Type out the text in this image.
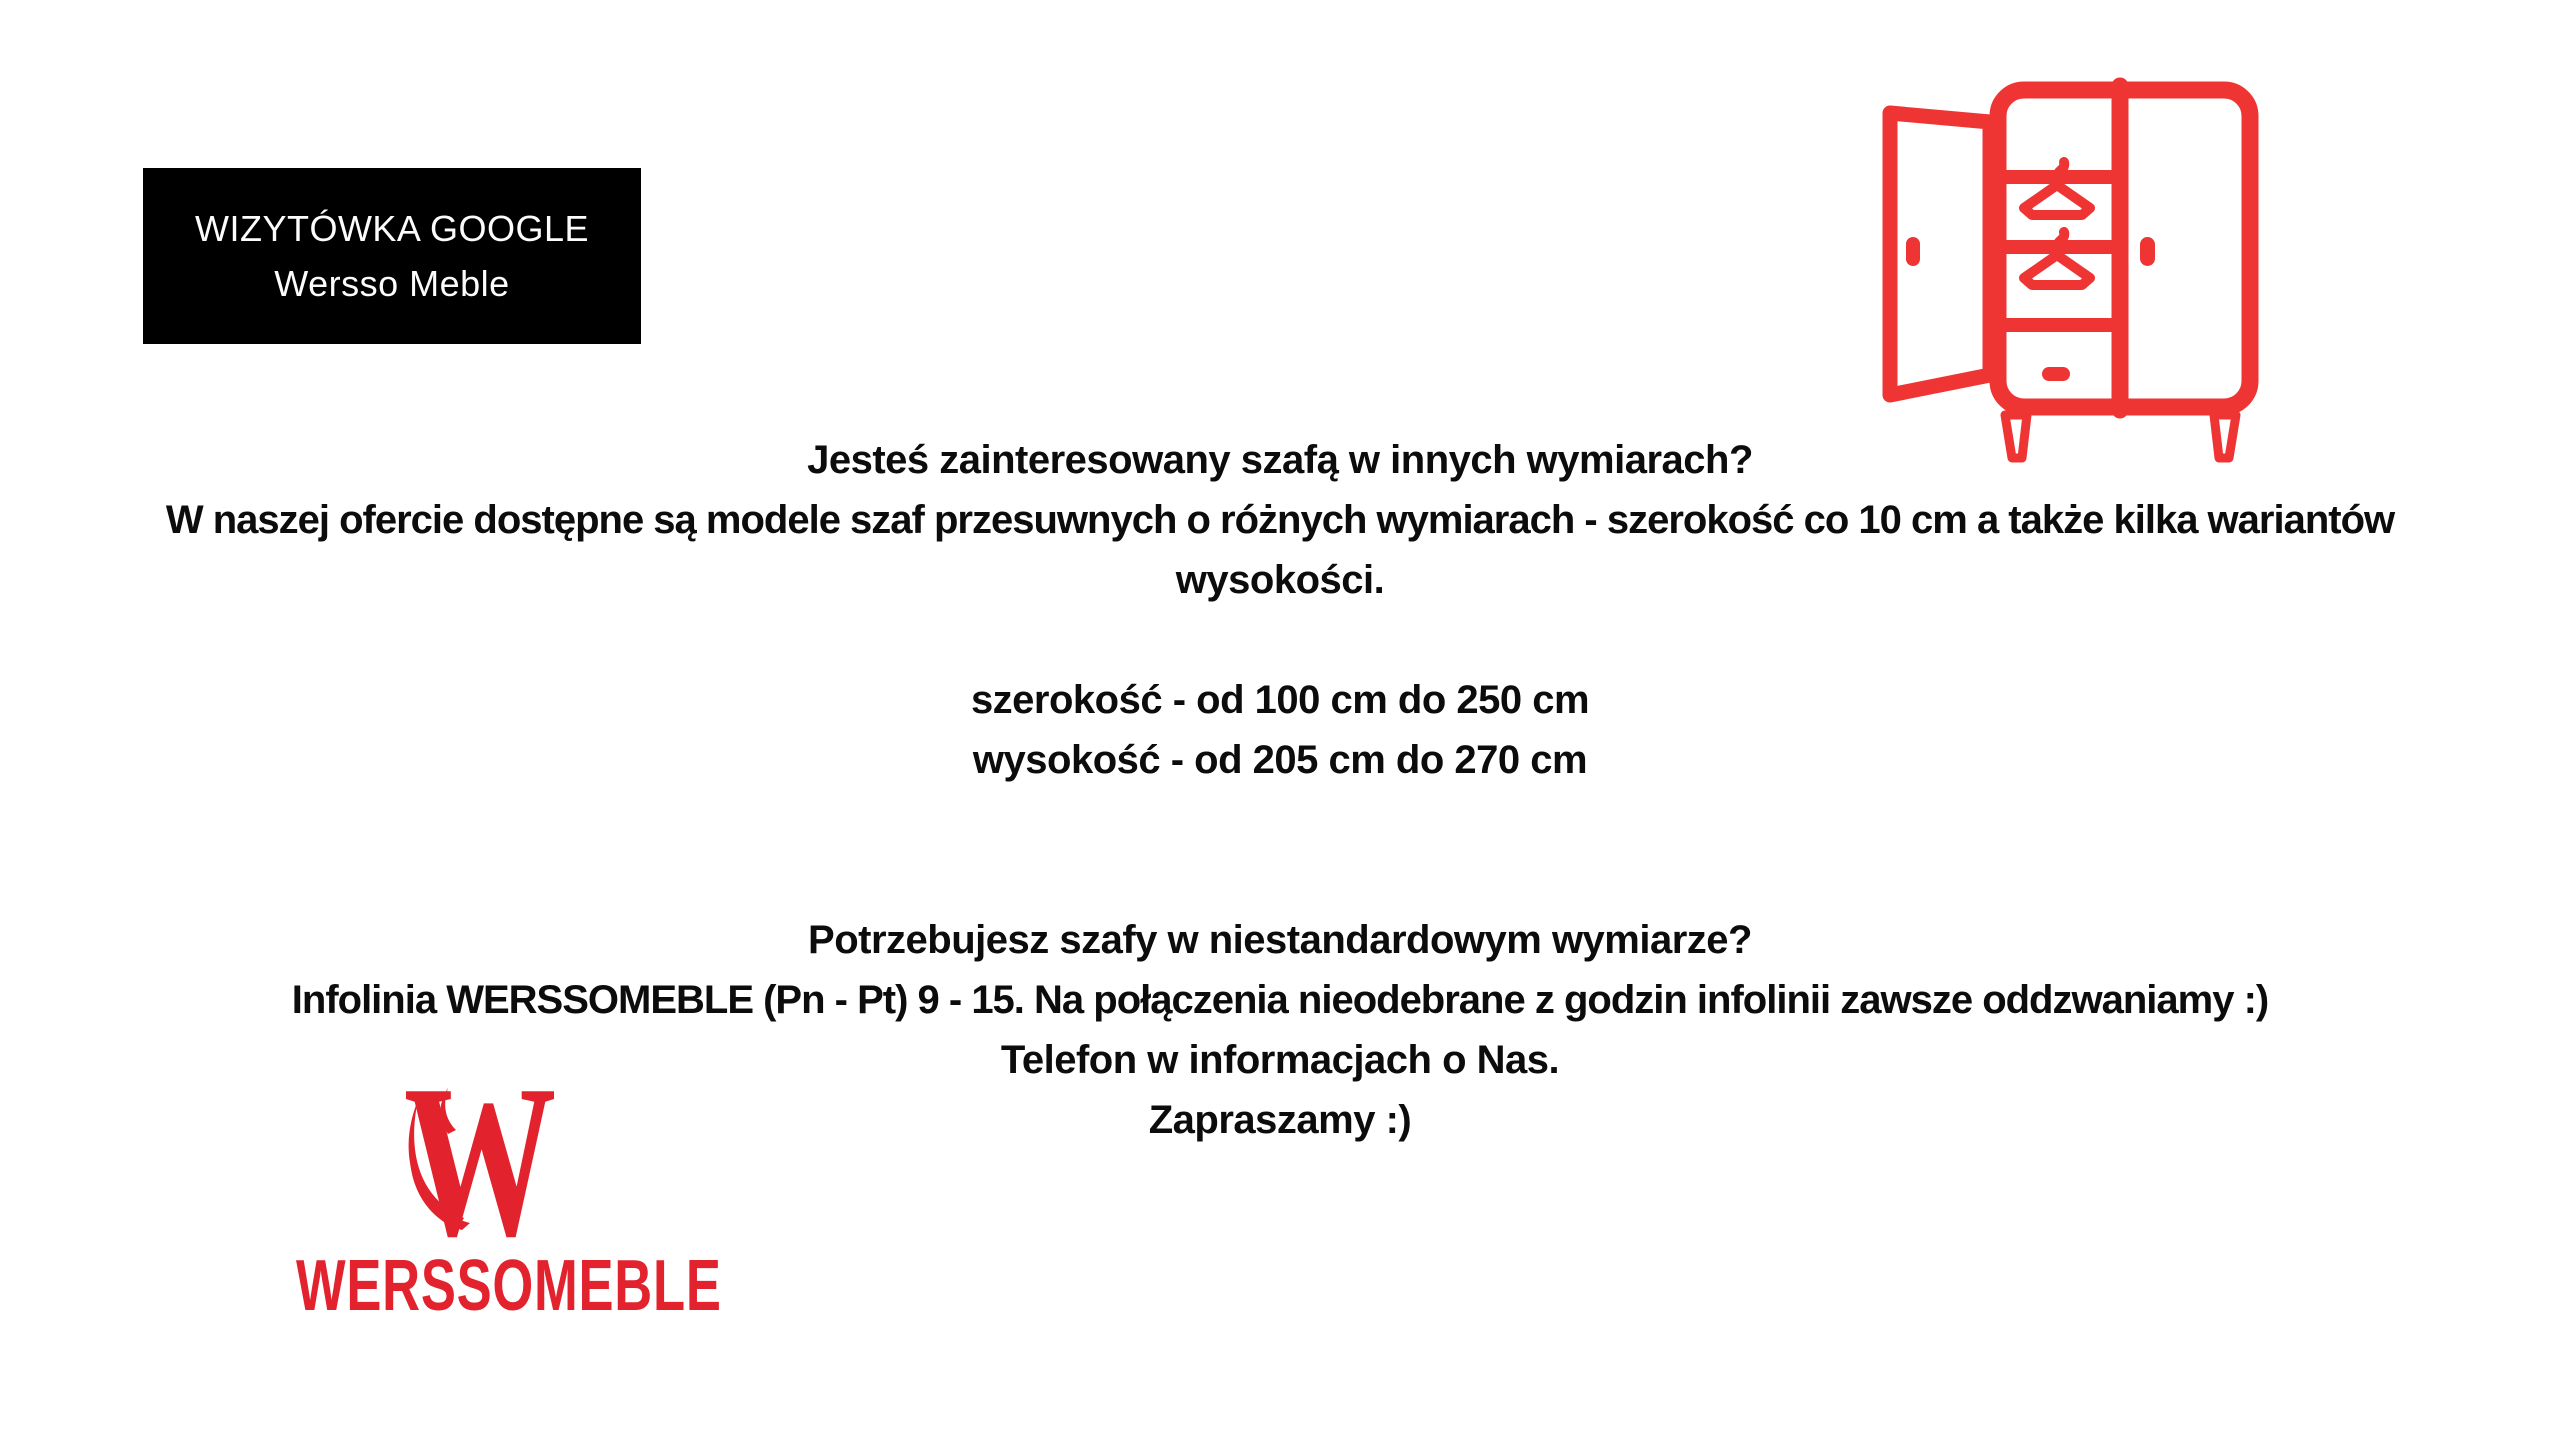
WIZYTÓWKA GOOGLE
Wersso Meble
Jesteś zainteresowany szafą w innych wymiarach?
W naszej ofercie dostępne są modele szaf przesuwnych o różnych wymiarach - szerokość co 10 cm a także kilka wariantów
wysokości.
szerokość - od 100 cm do 250 cm
wysokość - od 205 cm do 270 cm
Potrzebujesz szafy w niestandardowym wymiarze?
Infolinia WERSSOMEBLE (Pn - Pt) 9 - 15. Na połączenia nieodebrane z godzin infolinii zawsze oddzwaniamy :)
Telefon w informacjach o Nas.
Zapraszamy :)
W
WERSSOMEBLE
